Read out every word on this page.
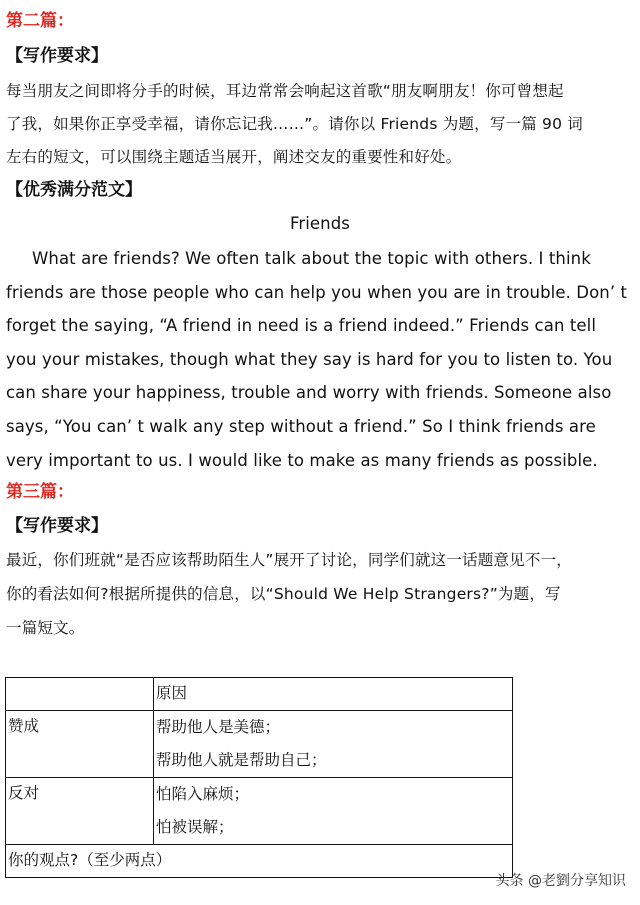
第二篇：
【写作要求】
每当朋友之间即将分手的时候，耳边常常会响起这首歌“朋友啊朋友！你可曾想起
了我，如果你正享受幸福，请你忘记我……”。请你以 Friends 为题，写一篇 90 词
左右的短文，可以围绕主题适当展开，阐述交友的重要性和好处。
【优秀满分范文】
Friends
What are friends? We often talk about the topic with others. I think
friends are those people who can help you when you are in trouble. Don’ t
forget the saying, “A friend in need is a friend indeed.” Friends can tell
you your mistakes, though what they say is hard for you to listen to. You
can share your happiness, trouble and worry with friends. Someone also
says, “You can’ t walk any step without a friend.” So I think friends are
very important to us. I would like to make as many friends as possible.
第三篇：
【写作要求】
最近，你们班就“是否应该帮助陌生人”展开了讨论，同学们就这一话题意见不一，
你的看法如何?根据所提供的信息，以“Should We Help Strangers?”为题，写
一篇短文。
	原因
赞成	帮助他人是美德；
帮助他人就是帮助自己；

反对	怕陷入麻烦；
怕被误解；

你的观点?（至少两点）	
头条 @老劉分享知识
